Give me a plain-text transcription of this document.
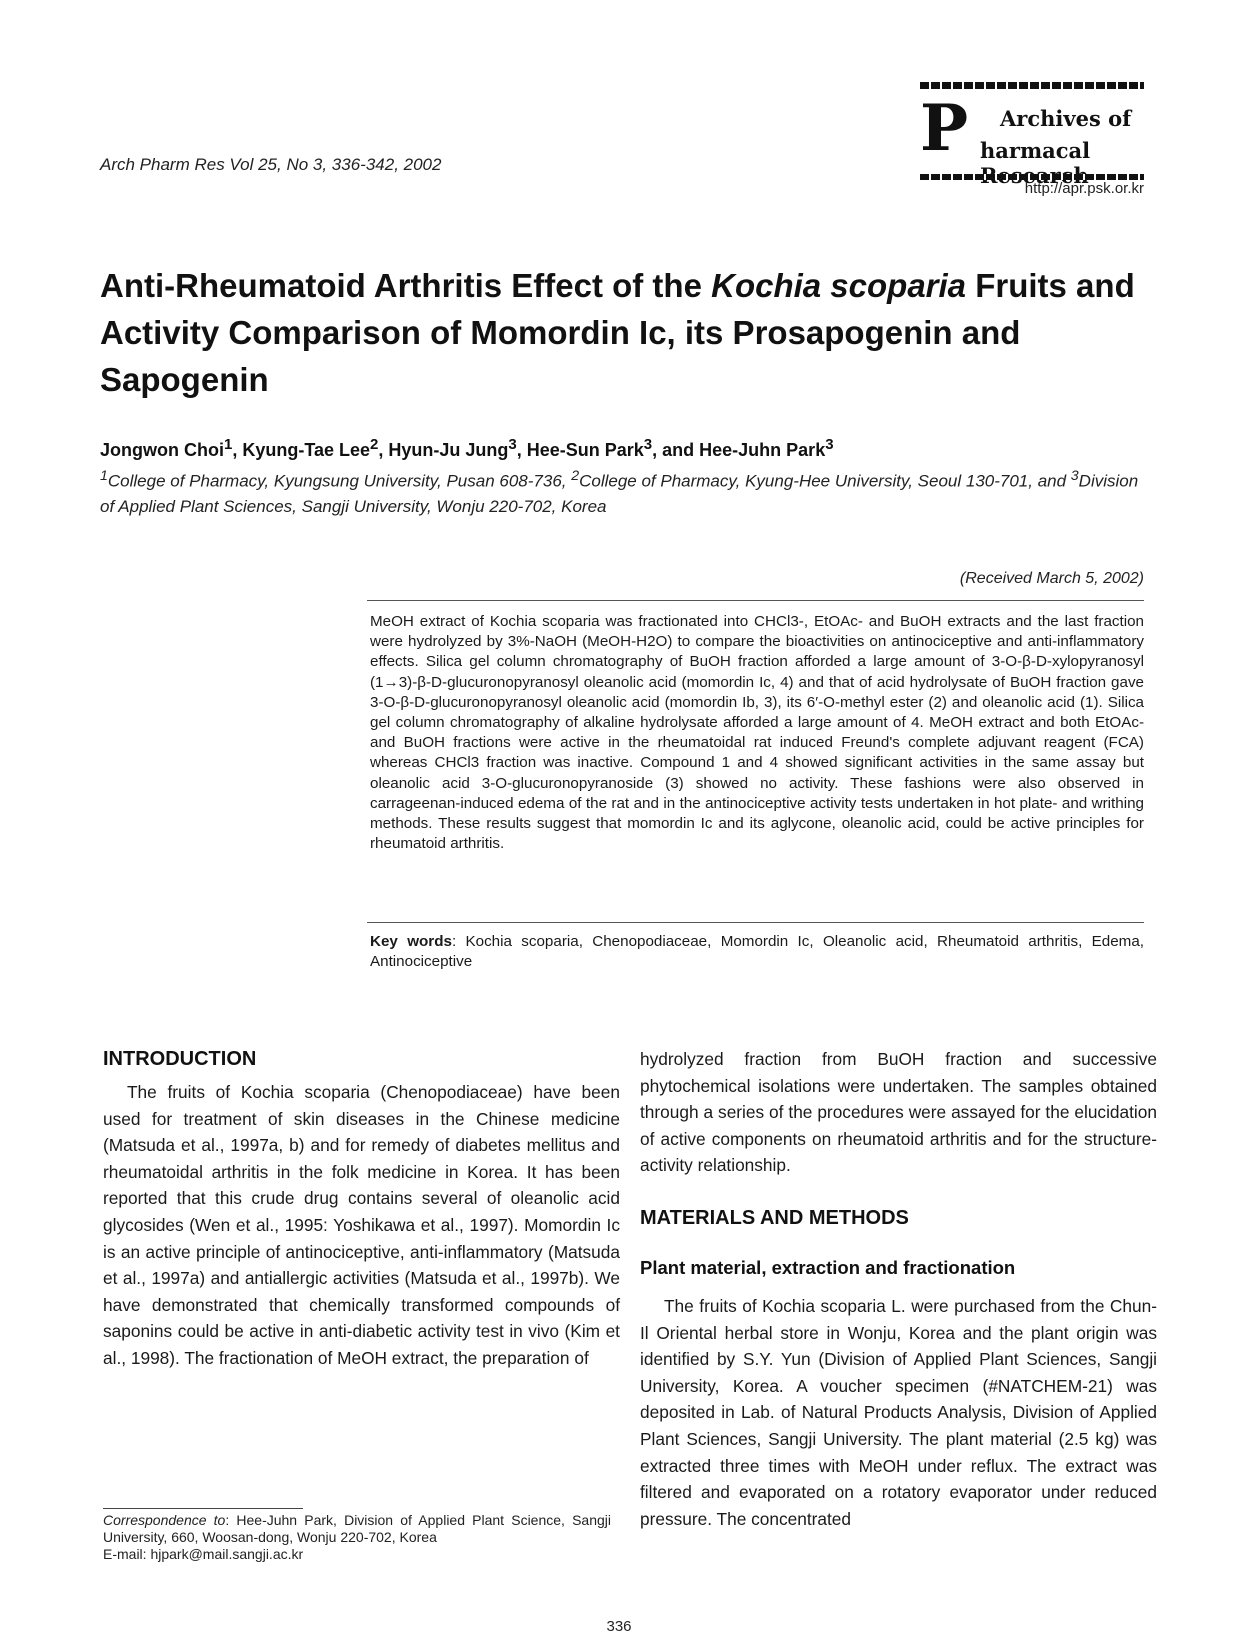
Arch Pharm Res Vol 25, No 3, 336-342, 2002	P Archives of
harmacal
http://apr.psk.or.kr
Anti-Rheumatoid Arthritis Effect of the Kochia scoparia Fruits and Activity Comparison of Momordin Ic, its Prosapogenin and Sapogenin
Jongwon Choi$^1$, Kyung-Tae Lee$^2$, Hyun-Ju Jung$^3$, Hee-Sun Park$^3$, and Hee-Juhn Park$^3$
$^1$College of Pharmacy, Kyungsung University, Pusan 608-736, $^2$College of Pharmacy, Kyung-Hee University, Seoul 130-701, and $^3$Division of Applied Plant Sciences, Sangji University, Wonju 220-702, Korea
(Received March 5, 2002)

MeOH extract of Kochia scoparia was fractionated into CHCl3-, EtOAc- and BuOH extracts and the last fraction were hydrolyzed by 3%-NaOH (MeOH-H2O) to compare the bioactivities on antinociceptive and anti-inflammatory effects. Silica gel column chromatography of BuOH fraction afforded a large amount of 3-O-β-D-xylopyranosyl (1→3)-β-D-glucuronopyranosyl oleanolic acid (momordin Ic, 4) and that of acid hydrolysate of BuOH fraction gave 3-O-β-D-glucuronopyranosyl oleanolic acid (momordin Ib, 3), its 6′-O-methyl ester (2) and oleanolic acid (1). Silica gel column chromatography of alkaline hydrolysate afforded a large amount of 4. MeOH extract and both EtOAc- and BuOH fractions were active in the rheumatoidal rat induced Freund's complete adjuvant reagent (FCA) whereas CHCl3 fraction was inactive. Compound 1 and 4 showed significant activities in the same assay but oleanolic acid 3-O-glucuronopyranoside (3) showed no activity. These fashions were also observed in carrageenan-induced edema of the rat and in the antinociceptive activity tests undertaken in hot plate- and writhing methods. These results suggest that momordin Ic and its aglycone, oleanolic acid, could be active principles for rheumatoid arthritis.

Key words: Kochia scoparia, Chenopodiaceae, Momordin Ic, Oleanolic acid, Rheumatoid arthritis, Edema, Antinociceptive

INTRODUCTION

The fruits of Kochia scoparia (Chenopodiaceae) have been used for treatment of skin diseases in the Chinese medicine (Matsuda et al., 1997a, b) and for remedy of diabetes mellitus and rheumatoidal arthritis in the folk medicine in Korea. It has been reported that this crude drug contains several of oleanolic acid glycosides (Wen et al., 1995: Yoshikawa et al., 1997). Momordin Ic is an active principle of antinociceptive, anti-inflammatory (Matsuda et al., 1997a) and antiallergic activities (Matsuda et al., 1997b). We have demonstrated that chemically transformed compounds of saponins could be active in anti-diabetic activity test in vivo (Kim et al., 1998). The fractionation of MeOH extract, the preparation of

hydrolyzed fraction from BuOH fraction and successive phytochemical isolations were undertaken. The samples obtained through a series of the procedures were assayed for the elucidation of active components on rheumatoid arthritis and for the structure-activity relationship.

MATERIALS AND METHODS
Plant material, extraction and fractionation

The fruits of Kochia scoparia L. were purchased from the Chun-Il Oriental herbal store in Wonju, Korea and the plant origin was identified by S.Y. Yun (Division of Applied Plant Sciences, Sangji University, Korea. A voucher specimen (#NATCHEM-21) was deposited in Lab. of Natural Products Analysis, Division of Applied Plant Sciences, Sangji University. The plant material (2.5 kg) was extracted three times with MeOH under reflux. The extract was filtered and evaporated on a rotatory evaporator under reduced pressure. The concentrated

Correspondence to: Hee-Juhn Park, Division of Applied Plant Science, Sangji University, 660, Woosan-dong, Wonju 220-702, Korea
E-mail: hjpark@mail.sangji.ac.kr
336
